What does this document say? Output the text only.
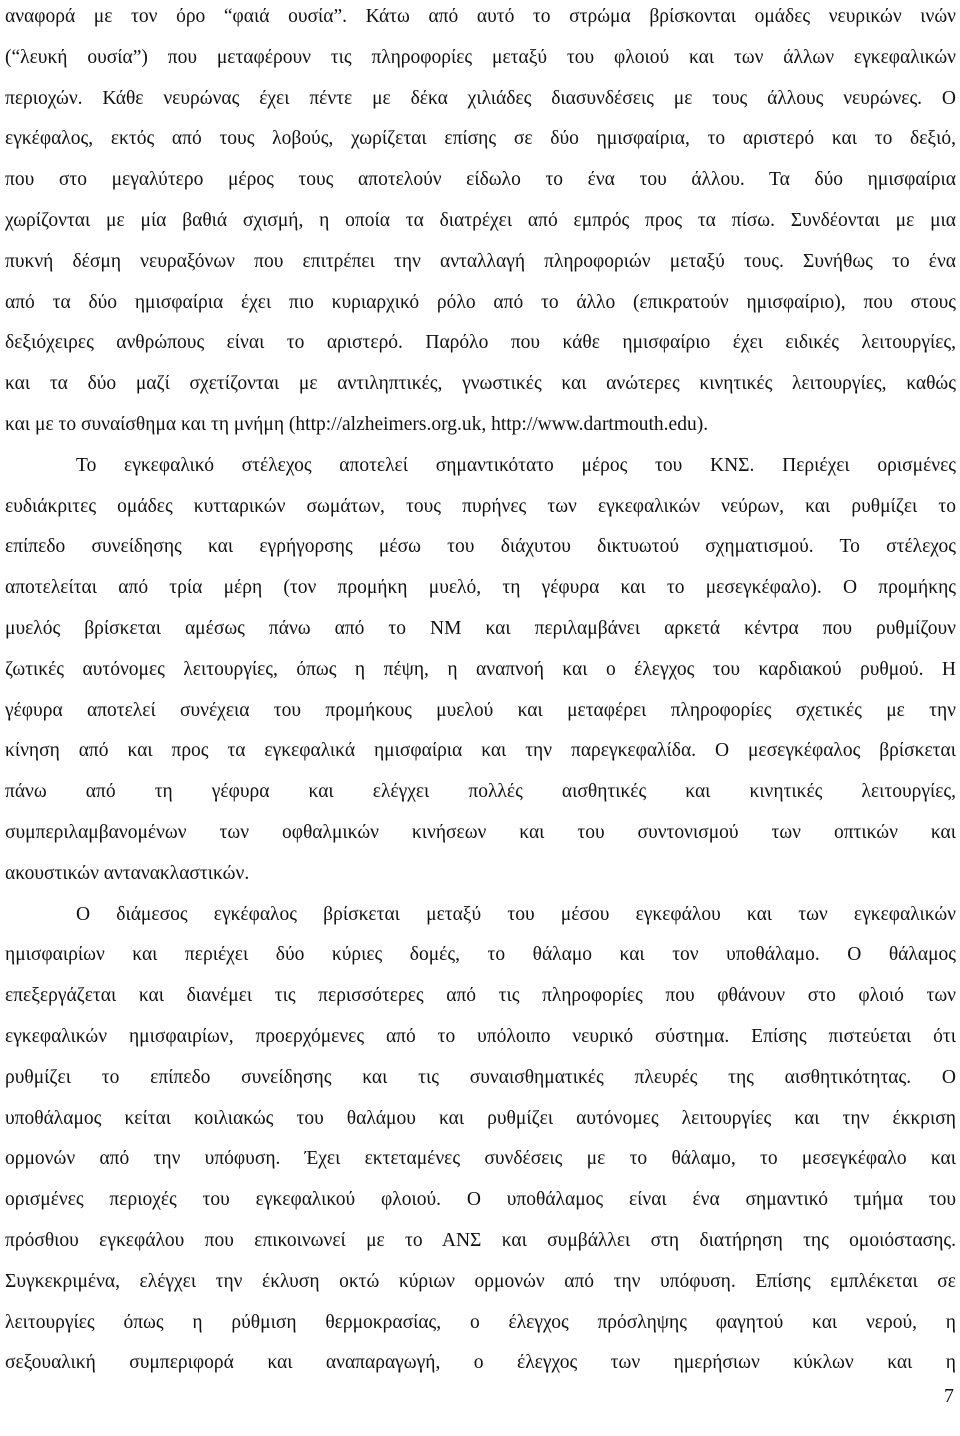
αναφορά με τον όρο “φαιά ουσία”. Κάτω από αυτό το στρώμα βρίσκονται ομάδες νευρικών ινών
(“λευκή ουσία”) που μεταφέρουν τις πληροφορίες μεταξύ του φλοιού και των άλλων εγκεφαλικών
περιοχών. Κάθε νευρώνας έχει πέντε με δέκα χιλιάδες διασυνδέσεις με τους άλλους νευρώνες. Ο
εγκέφαλος, εκτός από τους λοβούς, χωρίζεται επίσης σε δύο ημισφαίρια, το αριστερό και το δεξιό,
που στο μεγαλύτερο μέρος τους αποτελούν είδωλο το ένα του άλλου. Τα δύο ημισφαίρια
χωρίζονται με μία βαθιά σχισμή, η οποία τα διατρέχει από εμπρός προς τα πίσω. Συνδέονται με μια
πυκνή δέσμη νευραξόνων που επιτρέπει την ανταλλαγή πληροφοριών μεταξύ τους. Συνήθως το ένα
από τα δύο ημισφαίρια έχει πιο κυριαρχικό ρόλο από το άλλο (επικρατούν ημισφαίριο), που στους
δεξιόχειρες ανθρώπους είναι το αριστερό. Παρόλο που κάθε ημισφαίριο έχει ειδικές λειτουργίες,
και τα δύο μαζί σχετίζονται με αντιληπτικές, γνωστικές και ανώτερες κινητικές λειτουργίες, καθώς
και με το συναίσθημα και τη μνήμη (http://alzheimers.org.uk, http://www.dartmouth.edu).
Το εγκεφαλικό στέλεχος αποτελεί σημαντικότατο μέρος του ΚΝΣ. Περιέχει ορισμένες
ευδιάκριτες ομάδες κυτταρικών σωμάτων, τους πυρήνες των εγκεφαλικών νεύρων, και ρυθμίζει το
επίπεδο συνείδησης και εγρήγορσης μέσω του διάχυτου δικτυωτού σχηματισμού. Το στέλεχος
αποτελείται από τρία μέρη (τον προμήκη μυελό, τη γέφυρα και το μεσεγκέφαλο). Ο προμήκης
μυελός βρίσκεται αμέσως πάνω από το ΝΜ και περιλαμβάνει αρκετά κέντρα που ρυθμίζουν
ζωτικές αυτόνομες λειτουργίες, όπως η πέψη, η αναπνοή και ο έλεγχος του καρδιακού ρυθμού. Η
γέφυρα αποτελεί συνέχεια του προμήκους μυελού και μεταφέρει πληροφορίες σχετικές με την
κίνηση από και προς τα εγκεφαλικά ημισφαίρια και την παρεγκεφαλίδα. Ο μεσεγκέφαλος βρίσκεται
πάνω από τη γέφυρα και ελέγχει πολλές αισθητικές και κινητικές λειτουργίες,
συμπεριλαμβανομένων των οφθαλμικών κινήσεων και του συντονισμού των οπτικών και
ακουστικών αντανακλαστικών.
Ο διάμεσος εγκέφαλος βρίσκεται μεταξύ του μέσου εγκεφάλου και των εγκεφαλικών
ημισφαιρίων και περιέχει δύο κύριες δομές, το θάλαμο και τον υποθάλαμο. Ο θάλαμος
επεξεργάζεται και διανέμει τις περισσότερες από τις πληροφορίες που φθάνουν στο φλοιό των
εγκεφαλικών ημισφαιρίων, προερχόμενες από το υπόλοιπο νευρικό σύστημα. Επίσης πιστεύεται ότι
ρυθμίζει το επίπεδο συνείδησης και τις συναισθηματικές πλευρές της αισθητικότητας. Ο
υποθάλαμος κείται κοιλιακώς του θαλάμου και ρυθμίζει αυτόνομες λειτουργίες και την έκκριση
ορμονών από την υπόφυση. Έχει εκτεταμένες συνδέσεις με το θάλαμο, το μεσεγκέφαλο και
ορισμένες περιοχές του εγκεφαλικού φλοιού. Ο υποθάλαμος είναι ένα σημαντικό τμήμα του
πρόσθιου εγκεφάλου που επικοινωνεί με το ΑΝΣ και συμβάλλει στη διατήρηση της ομοιόστασης.
Συγκεκριμένα, ελέγχει την έκλυση οκτώ κύριων ορμονών από την υπόφυση. Επίσης εμπλέκεται σε
λειτουργίες όπως η ρύθμιση θερμοκρασίας, ο έλεγχος πρόσληψης φαγητού και νερού, η
σεξουαλική συμπεριφορά και αναπαραγωγή, ο έλεγχος των ημερήσιων κύκλων και η
7
